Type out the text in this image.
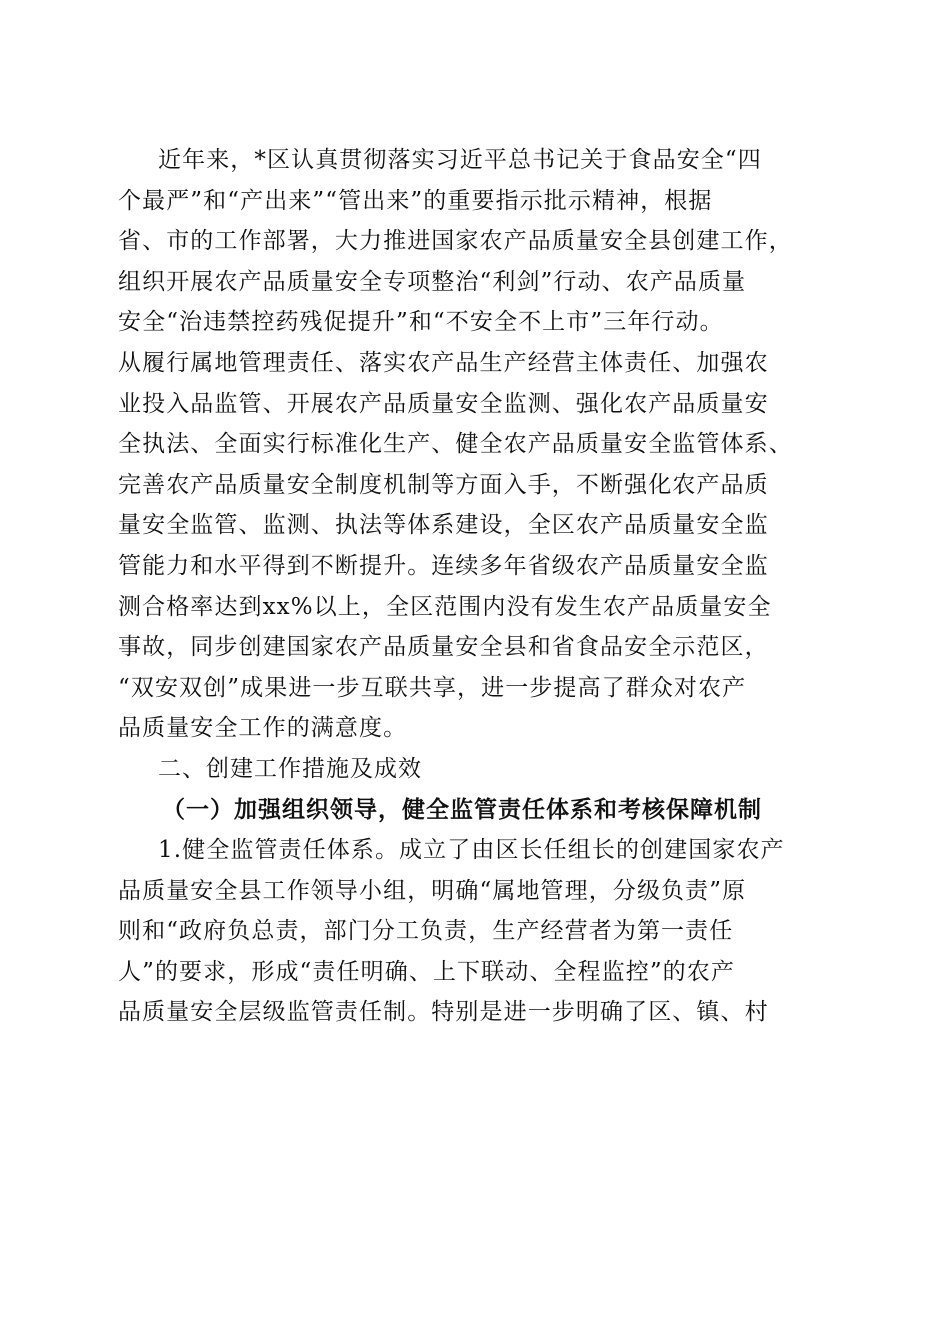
近年来，*区认真贯彻落实习近平总书记关于食品安全“四
个最严”和“产出来”“管出来”的重要指示批示精神，根据
省、市的工作部署，大力推进国家农产品质量安全县创建工作，
组织开展农产品质量安全专项整治“利剑”行动、农产品质量
安全“治违禁控药残促提升”和“不安全不上市”三年行动。
从履行属地管理责任、落实农产品生产经营主体责任、加强农
业投入品监管、开展农产品质量安全监测、强化农产品质量安
全执法、全面实行标准化生产、健全农产品质量安全监管体系、
完善农产品质量安全制度机制等方面入手，不断强化农产品质
量安全监管、监测、执法等体系建设，全区农产品质量安全监
管能力和水平得到不断提升。连续多年省级农产品质量安全监
测合格率达到xx%以上，全区范围内没有发生农产品质量安全
事故，同步创建国家农产品质量安全县和省食品安全示范区，
“双安双创”成果进一步互联共享，进一步提高了群众对农产
品质量安全工作的满意度。
二、创建工作措施及成效
（一）加强组织领导，健全监管责任体系和考核保障机制
1.健全监管责任体系。成立了由区长任组长的创建国家农产
品质量安全县工作领导小组，明确“属地管理，分级负责”原
则和“政府负总责，部门分工负责，生产经营者为第一责任
人”的要求，形成“责任明确、上下联动、全程监控”的农产
品质量安全层级监管责任制。特别是进一步明确了区、镇、村
